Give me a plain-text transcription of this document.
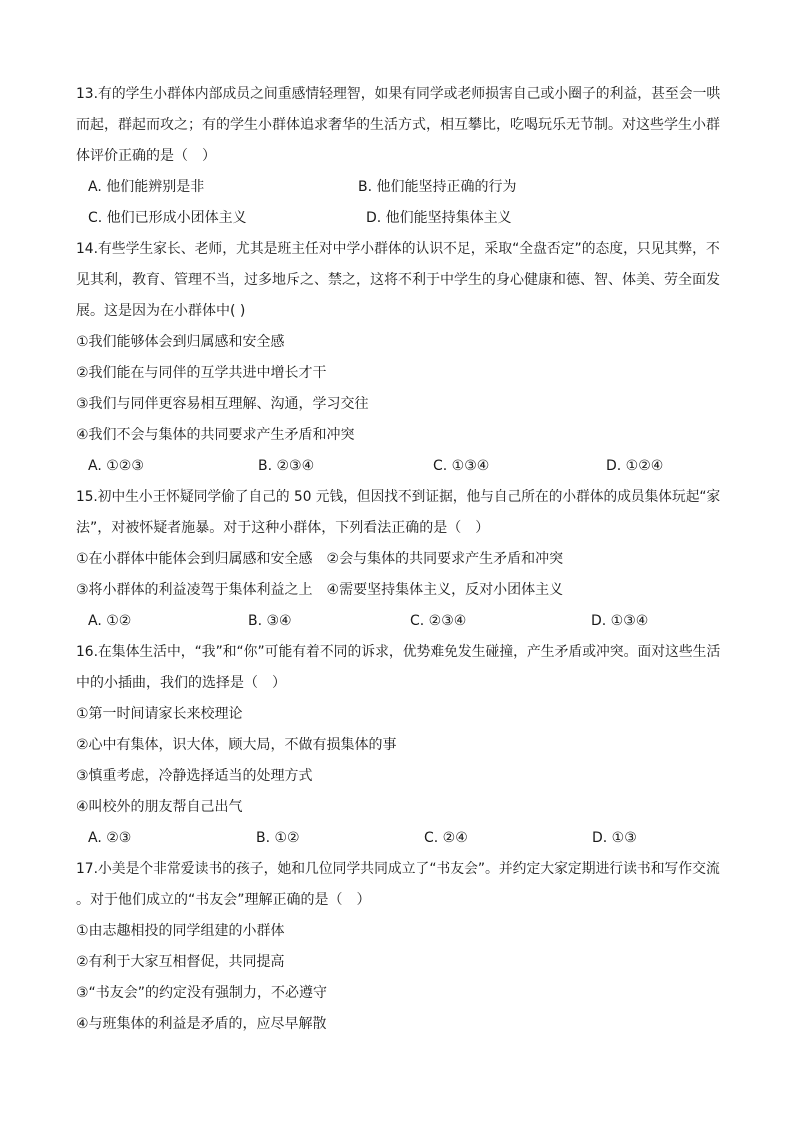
13.有的学生小群体内部成员之间重感情轻理智，如果有同学或老师损害自己或小圈子的利益，甚至会一哄
而起，群起而攻之；有的学生小群体追求奢华的生活方式，相互攀比，吃喝玩乐无节制。对这些学生小群
体评价正确的是（　）
A. 他们能辨别是非	B. 他们能坚持正确的行为
C. 他们已形成小团体主义	D. 他们能坚持集体主义
14.有些学生家长、老师，尤其是班主任对中学小群体的认识不足，采取“全盘否定”的态度，只见其弊，不
见其利，教育、管理不当，过多地斥之、禁之，这将不利于中学生的身心健康和德、智、体美、劳全面发
展。这是因为在小群体中( )
①我们能够体会到归属感和安全感
②我们能在与同伴的互学共进中增长才干
③我们与同伴更容易相互理解、沟通，学习交往
④我们不会与集体的共同要求产生矛盾和冲突
A. ①②③	B. ②③④	C. ①③④	D. ①②④
15.初中生小王怀疑同学偷了自己的 50 元钱，但因找不到证据，他与自己所在的小群体的成员集体玩起“家
法”，对被怀疑者施暴。对于这种小群体，下列看法正确的是（　）
①在小群体中能体会到归属感和安全感　②会与集体的共同要求产生矛盾和冲突
③将小群体的利益凌驾于集体利益之上　④需要坚持集体主义，反对小团体主义
A. ①②	B. ③④	C. ②③④	D. ①③④
16.在集体生活中，“我”和“你”可能有着不同的诉求，优势难免发生碰撞，产生矛盾或冲突。面对这些生活
中的小插曲，我们的选择是（　）
①第一时间请家长来校理论
②心中有集体，识大体，顾大局，不做有损集体的事
③慎重考虑，冷静选择适当的处理方式
④叫校外的朋友帮自己出气
A. ②③	B. ①②	C. ②④	D. ①③
17.小美是个非常爱读书的孩子，她和几位同学共同成立了“书友会”。并约定大家定期进行读书和写作交流
。对于他们成立的“书友会”理解正确的是（　）
①由志趣相投的同学组建的小群体
②有利于大家互相督促，共同提高
③“书友会”的约定没有强制力，不必遵守
④与班集体的利益是矛盾的，应尽早解散
